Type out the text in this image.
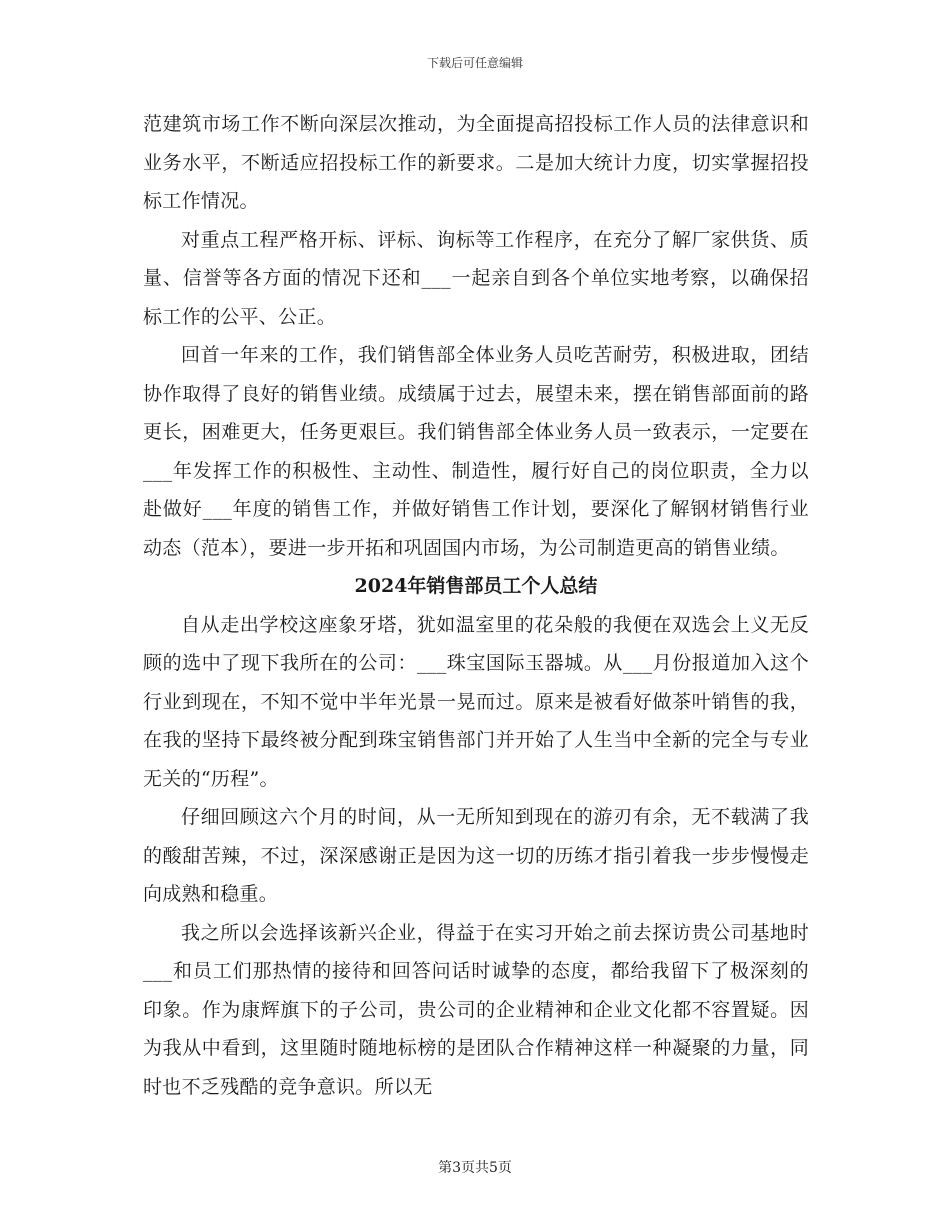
下载后可任意编辑

范建筑市场工作不断向深层次推动，为全面提高招投标工作人员的法律意识和业务水平，不断适应招投标工作的新要求。二是加大统计力度，切实掌握招投标工作情况。

对重点工程严格开标、评标、询标等工作程序，在充分了解厂家供货、质量、信誉等各方面的情况下还和___一起亲自到各个单位实地考察，以确保招标工作的公平、公正。

回首一年来的工作，我们销售部全体业务人员吃苦耐劳，积极进取，团结协作取得了良好的销售业绩。成绩属于过去，展望未来，摆在销售部面前的路更长，困难更大，任务更艰巨。我们销售部全体业务人员一致表示，一定要在___年发挥工作的积极性、主动性、制造性，履行好自己的岗位职责，全力以赴做好___年度的销售工作，并做好销售工作计划，要深化了解钢材销售行业动态（范本），要进一步开拓和巩固国内市场，为公司制造更高的销售业绩。

2024年销售部员工个人总结

自从走出学校这座象牙塔，犹如温室里的花朵般的我便在双选会上义无反顾的选中了现下我所在的公司：___珠宝国际玉器城。从___月份报道加入这个行业到现在，不知不觉中半年光景一晃而过。原来是被看好做茶叶销售的我，在我的坚持下最终被分配到珠宝销售部门并开始了人生当中全新的完全与专业无关的“历程”。

仔细回顾这六个月的时间，从一无所知到现在的游刃有余，无不载满了我的酸甜苦辣，不过，深深感谢正是因为这一切的历练才指引着我一步步慢慢走向成熟和稳重。

我之所以会选择该新兴企业，得益于在实习开始之前去探访贵公司基地时___和员工们那热情的接待和回答问话时诚挚的态度，都给我留下了极深刻的印象。作为康辉旗下的子公司，贵公司的企业精神和企业文化都不容置疑。因为我从中看到，这里随时随地标榜的是团队合作精神这样一种凝聚的力量，同时也不乏残酷的竞争意识。所以无

第3页共5页
